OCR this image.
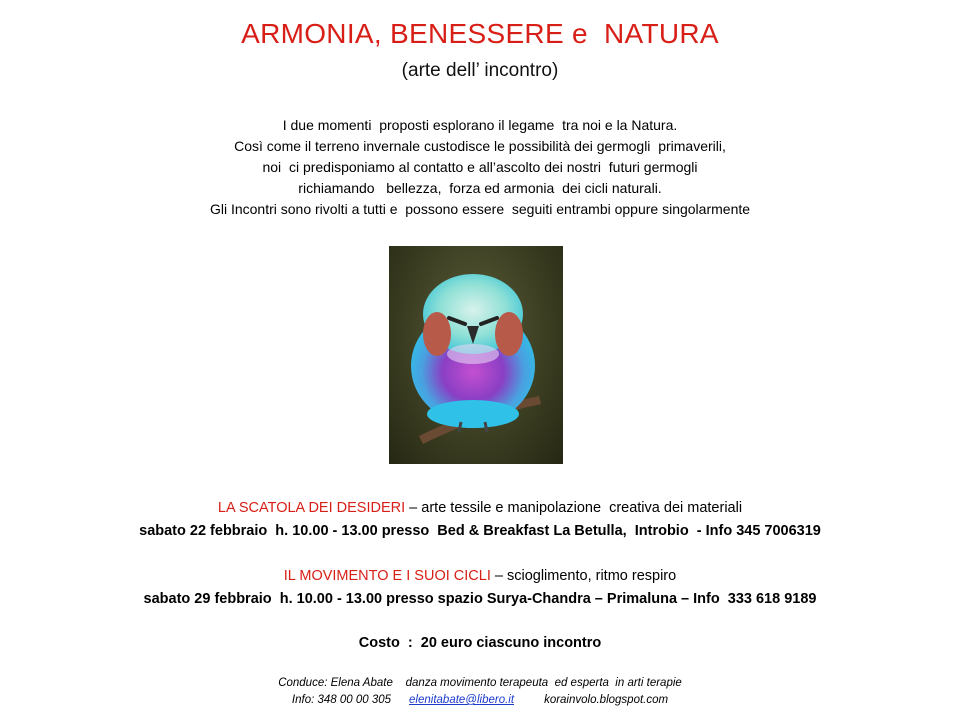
ARMONIA, BENESSERE e  NATURA
(arte dell’ incontro)
I due momenti  proposti esplorano il legame  tra noi e la Natura.
Così come il terreno invernale custodisce le possibilità dei germogli  primaverili,
noi  ci predisponiamo al contatto e all’ascolto dei nostri  futuri germogli
richiamando   bellezza,  forza ed armonia  dei cicli naturali.
Gli Incontri sono rivolti a tutti e  possono essere  seguiti entrambi oppure singolarmente
LA SCATOLA DEI DESIDERI – arte tessile e manipolazione  creativa dei materiali
sabato 22 febbraio  h. 10.00 - 13.00 presso  Bed & Breakfast La Betulla,  Introbio  - Info 345 7006319
IL MOVIMENTO E I SUOI CICLI – scioglimento, ritmo respiro
sabato 29 febbraio  h. 10.00 - 13.00 presso spazio Surya-Chandra – Primaluna – Info  333 618 9189
Costo  :  20 euro ciascuno incontro
Conduce: Elena Abate    danza movimento terapeuta  ed esperta  in arti terapie
Info: 348 00 00 305 elenitabate@libero.it	korainvolo.blogspot.com
